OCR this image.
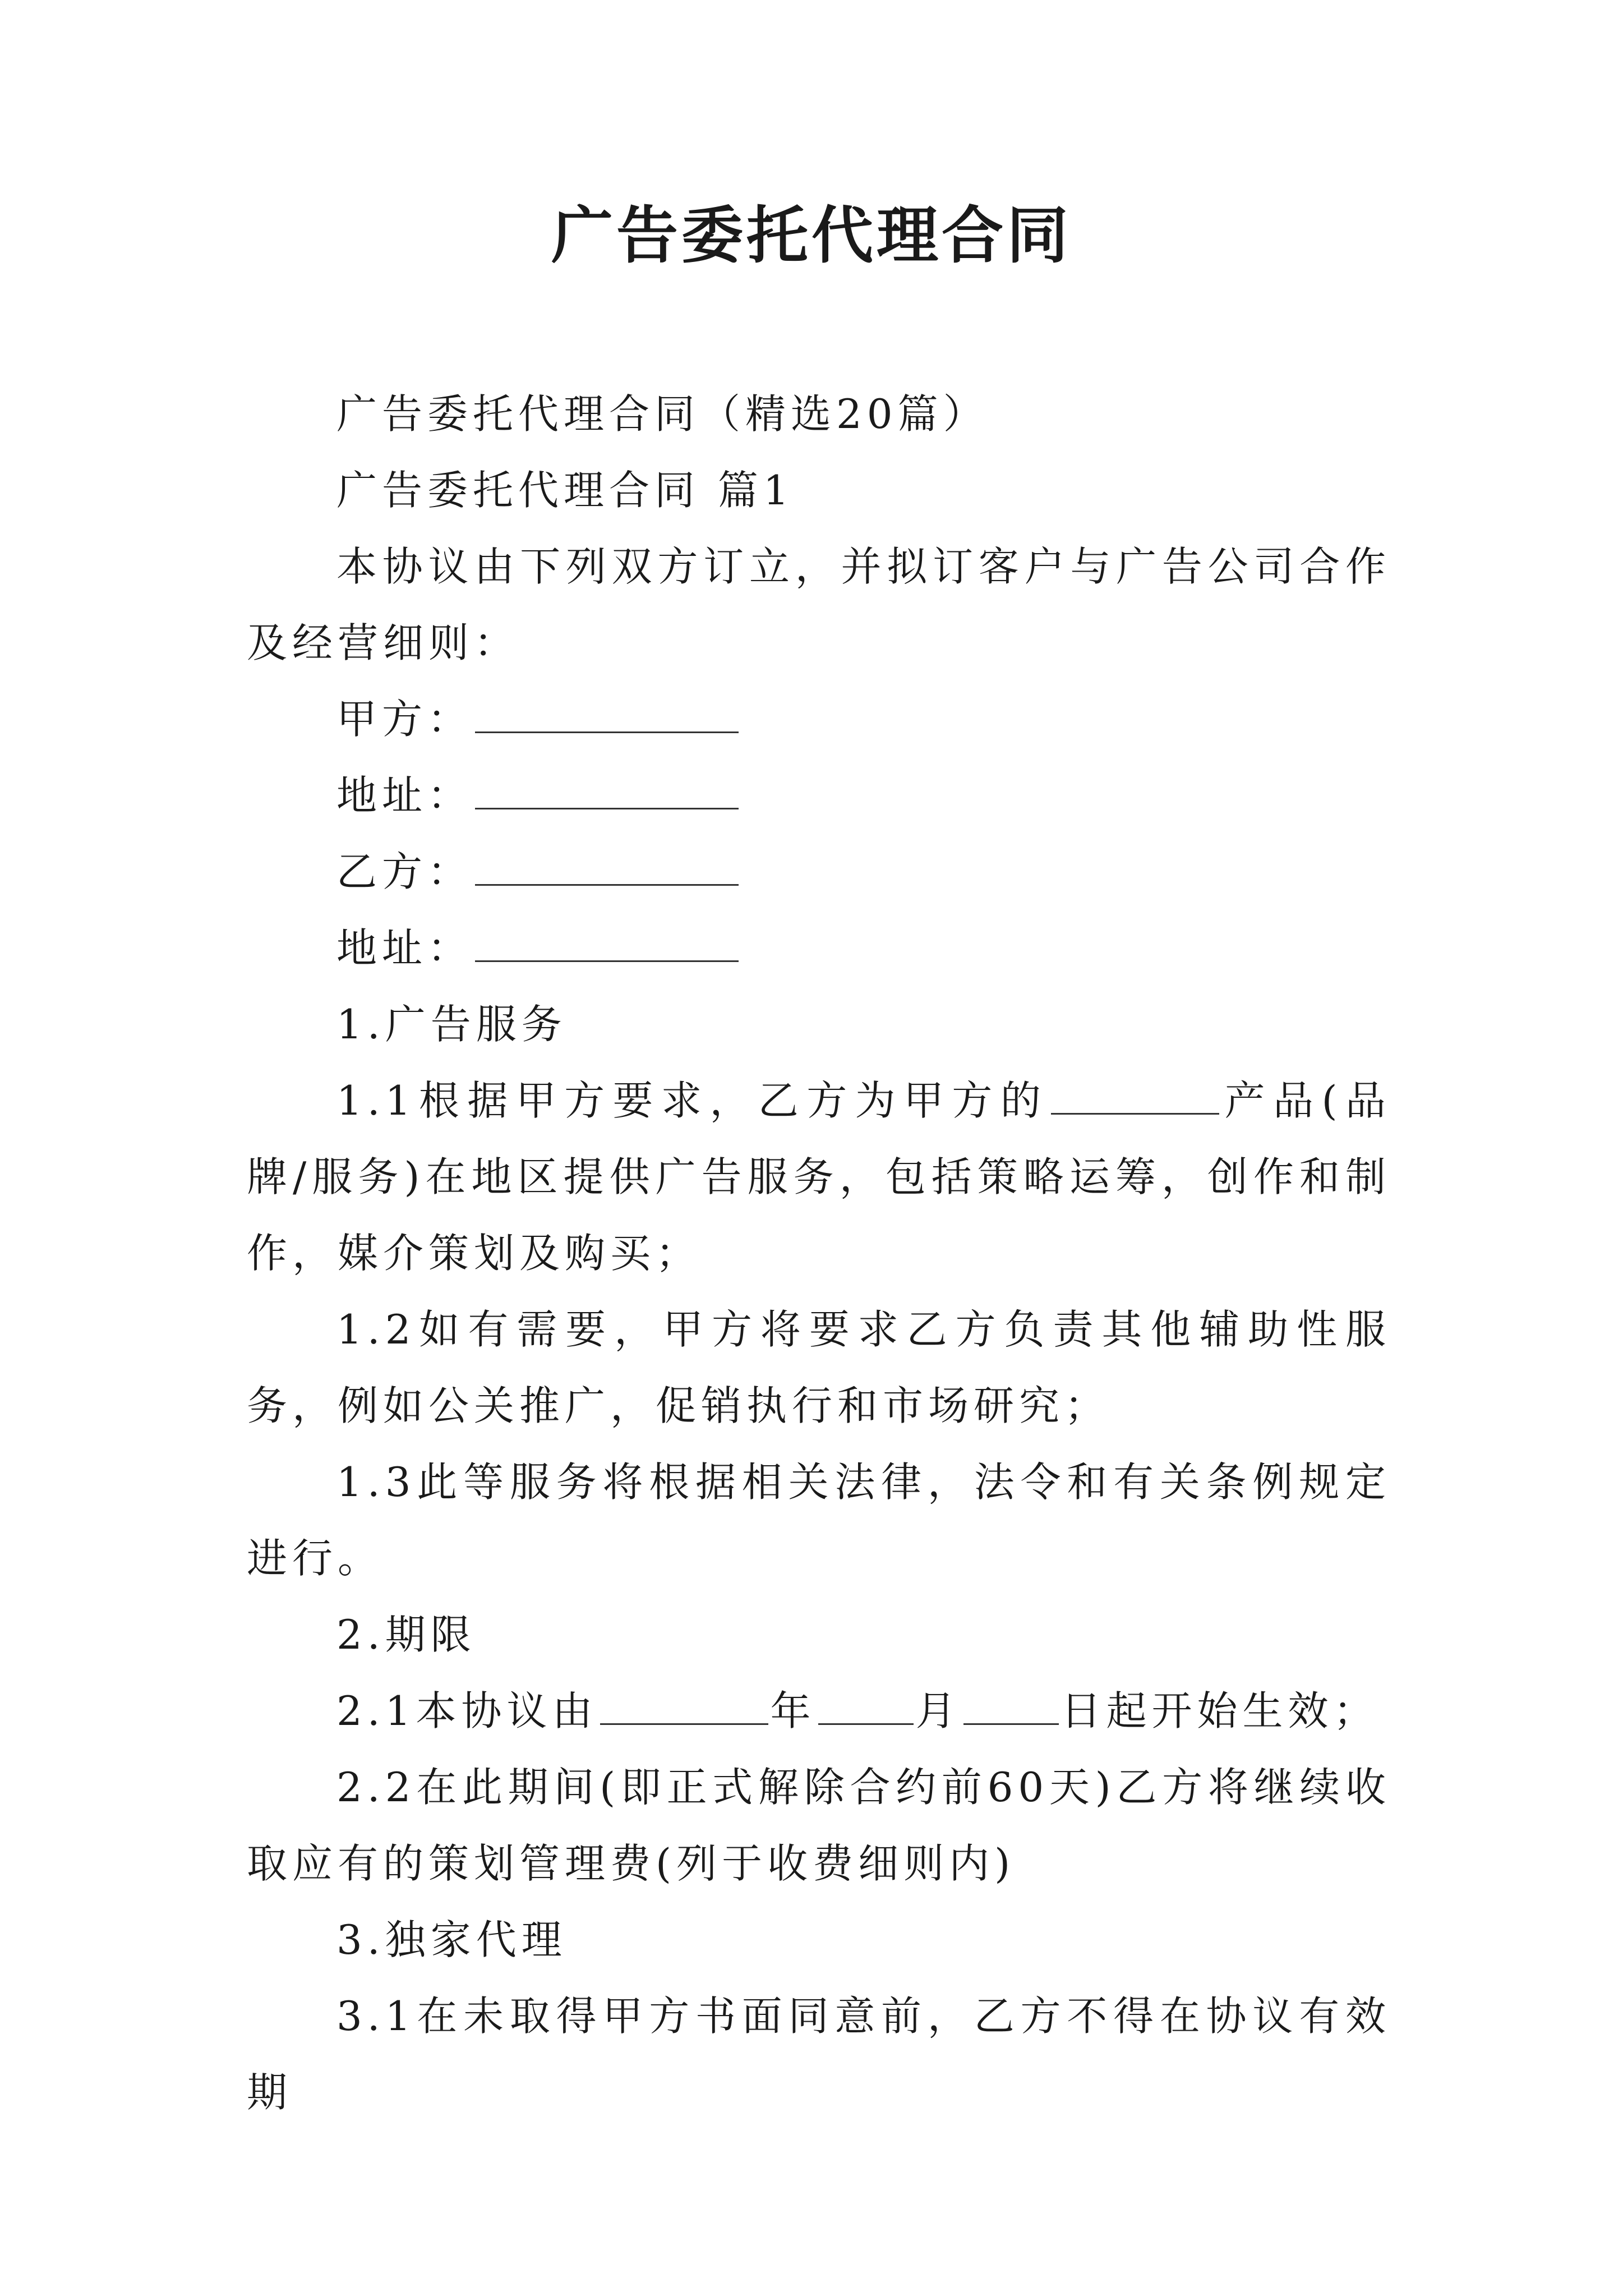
广告委托代理合同

广告委托代理合同（精选20篇）

广告委托代理合同 篇1

本协议由下列双方订立，并拟订客户与广告公司合作及经营细则：

甲方：

地址：

乙方：

地址：

1.广告服务

1.1根据甲方要求，乙方为甲方的	产品(品牌/服务)在地区提供广告服务，包括策略运筹，创作和制作，媒介策划及购买；

1.2如有需要，甲方将要求乙方负责其他辅助性服务，例如公关推广，促销执行和市场研究；

1.3此等服务将根据相关法律，法令和有关条例规定进行。

2.期限

2.1本协议由	年 月 日起开始生效；

2.2在此期间(即正式解除合约前60天)乙方将继续收取应有的策划管理费(列于收费细则内)

3.独家代理

3.1在未取得甲方书面同意前，乙方不得在协议有效期
